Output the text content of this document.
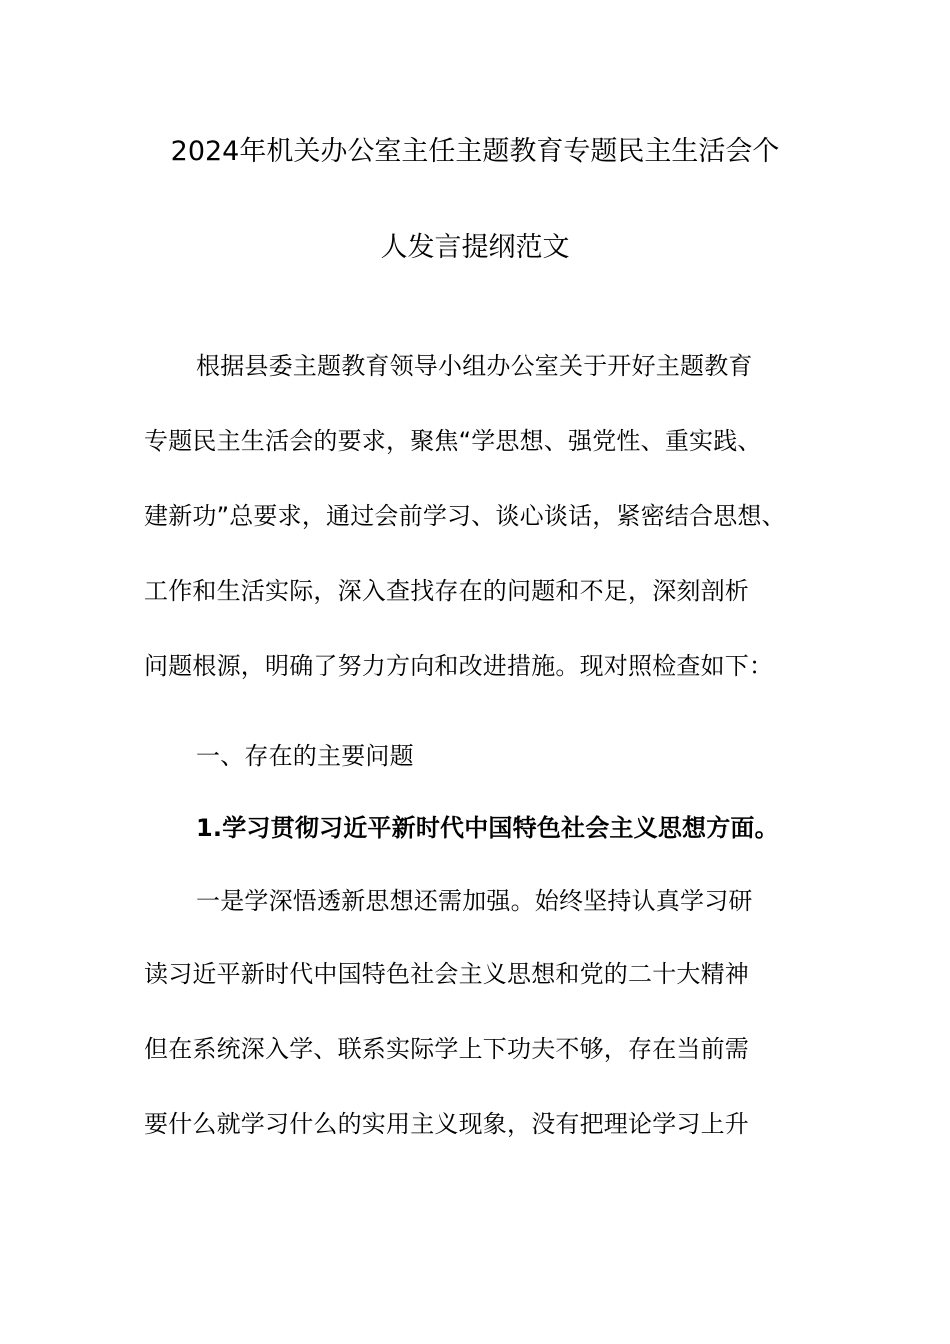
2024年机关办公室主任主题教育专题民主生活会个
人发言提纲范文
根据县委主题教育领导小组办公室关于开好主题教育
专题民主生活会的要求，聚焦“学思想、强党性、重实践、
建新功”总要求，通过会前学习、谈心谈话，紧密结合思想、
工作和生活实际，深入查找存在的问题和不足，深刻剖析
问题根源，明确了努力方向和改进措施。现对照检查如下：
一、存在的主要问题
1.学习贯彻习近平新时代中国特色社会主义思想方面。
一是学深悟透新思想还需加强。始终坚持认真学习研
读习近平新时代中国特色社会主义思想和党的二十大精神
但在系统深入学、联系实际学上下功夫不够，存在当前需
要什么就学习什么的实用主义现象，没有把理论学习上升
